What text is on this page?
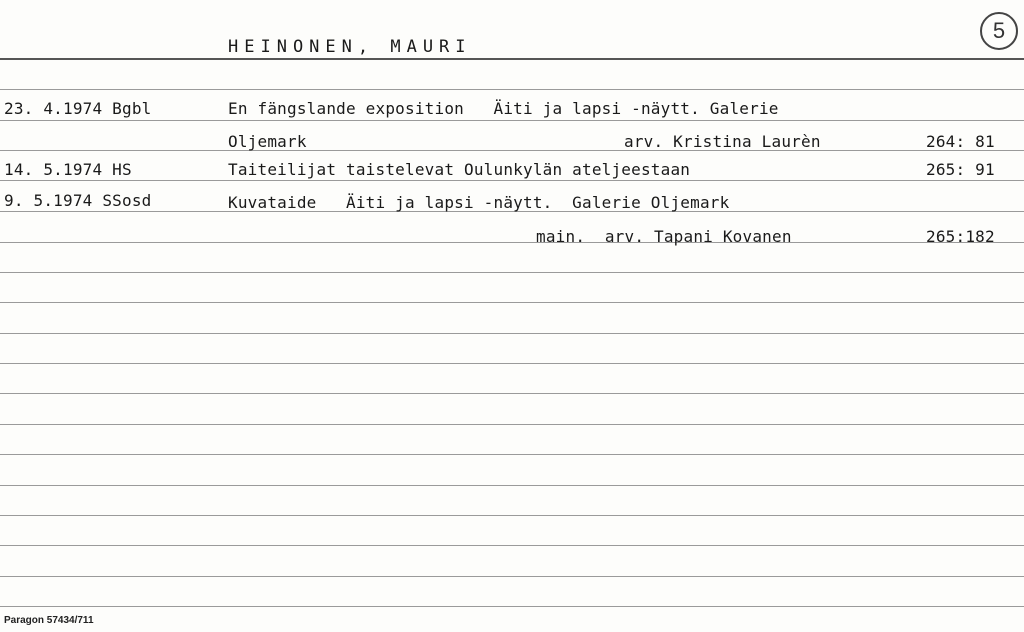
HEINONEN, MAURI
5
23. 4.1974 Bgbl	En fängslande exposition   Äiti ja lapsi -näytt. Galerie
Oljemark	arv. Kristina Laurèn	264: 81
14. 5.1974 HS	Taiteilijat taistelevat Oulunkylän ateljeestaan	265: 91
9. 5.1974 SSosd	Kuvataide   Äiti ja lapsi -näytt.  Galerie Oljemark
main.  arv. Tapani Kovanen	265:182
Paragon 57434/711
